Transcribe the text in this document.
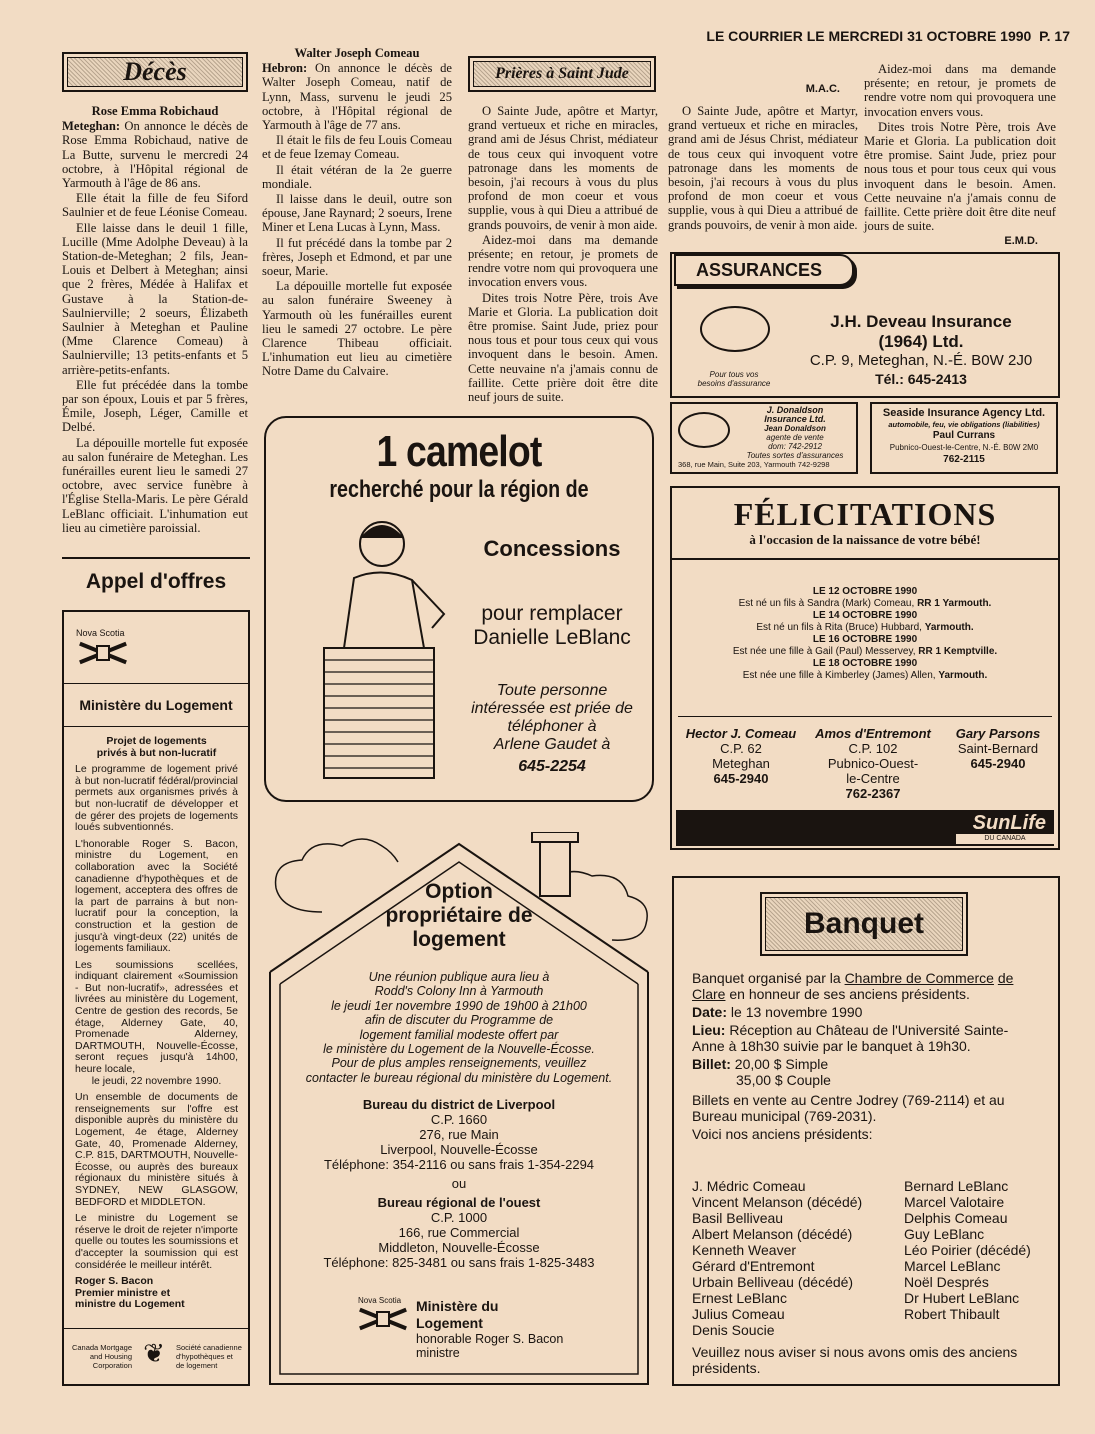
LE COURRIER LE MERCREDI 31 OCTOBRE 1990 P. 17
Décès

Rose Emma Robichaud

Meteghan: On annonce le décès de Rose Emma Robichaud, native de La Butte, survenu le mercredi 24 octobre, à l'Hôpital régional de Yarmouth à l'âge de 86 ans.

Elle était la fille de feu Siford Saulnier et de feue Léonise Comeau.

Elle laisse dans le deuil 1 fille, Lucille (Mme Adolphe Deveau) à la Station-de-Meteghan; 2 fils, Jean-Louis et Delbert à Meteghan; ainsi que 2 frères, Médée à Halifax et Gustave à la Station-de-Saulnierville; 2 soeurs, Élizabeth Saulnier à Meteghan et Pauline (Mme Clarence Comeau) à Saulnierville; 13 petits-enfants et 5 arrière-petits-enfants.

Elle fut précédée dans la tombe par son époux, Louis et par 5 frères, Émile, Joseph, Léger, Camille et Delbé.

La dépouille mortelle fut exposée au salon funéraire de Meteghan. Les funérailles eurent lieu le samedi 27 octobre, avec service funèbre à l'Église Stella-Maris. Le père Gérald LeBlanc officiait. L'inhumation eut lieu au cimetière paroissial.

Walter Joseph Comeau

Hebron: On annonce le décès de Walter Joseph Comeau, natif de Lynn, Mass, survenu le jeudi 25 octobre, à l'Hôpital régional de Yarmouth à l'âge de 77 ans.

Il était le fils de feu Louis Comeau et de feue Izemay Comeau.

Il était vétéran de la 2e guerre mondiale.

Il laisse dans le deuil, outre son épouse, Jane Raynard; 2 soeurs, Irene Miner et Lena Lucas à Lynn, Mass.

Il fut précédé dans la tombe par 2 frères, Joseph et Edmond, et par une soeur, Marie.

La dépouille mortelle fut exposée au salon funéraire Sweeney à Yarmouth où les funérailles eurent lieu le samedi 27 octobre. Le père Clarence Thibeau officiait. L'inhumation eut lieu au cimetière Notre Dame du Calvaire.

Prières à Saint Jude

O Sainte Jude, apôtre et Martyr, grand vertueux et riche en miracles, grand ami de Jésus Christ, médiateur de tous ceux qui invoquent votre patronage dans les moments de besoin, j'ai recours à vous du plus profond de mon coeur et vous supplie, vous à qui Dieu a attribué de grands pouvoirs, de venir à mon aide.

Aidez-moi dans ma demande présente; en retour, je promets de rendre votre nom qui provoquera une invocation envers vous.

Dites trois Notre Père, trois Ave Marie et Gloria. La publication doit être promise. Saint Jude, priez pour nous tous et pour tous ceux qui vous invoquent dans le besoin. Amen. Cette neuvaine n'a j'amais connu de faillite. Cette prière doit être dite neuf jours de suite.

M.A.C.

O Sainte Jude, apôtre et Martyr, grand vertueux et riche en miracles, grand ami de Jésus Christ, médiateur de tous ceux qui invoquent votre patronage dans les moments de besoin, j'ai recours à vous du plus profond de mon coeur et vous supplie, vous à qui Dieu a attribué de grands pouvoirs, de venir à mon aide.

Aidez-moi dans ma demande présente; en retour, je promets de rendre votre nom qui provoquera une invocation envers vous.

Dites trois Notre Père, trois Ave Marie et Gloria. La publication doit être promise. Saint Jude, priez pour nous tous et pour tous ceux qui vous invoquent dans le besoin. Amen. Cette neuvaine n'a j'amais connu de faillite. Cette prière doit être dite neuf jours de suite.

E.M.D.

Appel d'offres
Nova Scotia
Ministère du Logement

Projet de logements privés à but non-lucratif

Le programme de logement privé à but non-lucratif fédéral/provincial permets aux organismes privés à but non-lucratif de développer et de gérer des projets de logements loués subventionnés.

L'honorable Roger S. Bacon, ministre du Logement, en collaboration avec la Société canadienne d'hypothèques et de logement, acceptera des offres de la part de parrains à but non-lucratif pour la conception, la construction et la gestion de jusqu'à vingt-deux (22) unités de logements familiaux.

Les soumissions scellées, indiquant clairement «Soumission - But non-lucratif», adressées et livrées au ministère du Logement, Centre de gestion des records, 5e étage, Alderney Gate, 40, Promenade Alderney, DARTMOUTH, Nouvelle-Écosse, seront reçues jusqu'à 14h00, heure locale,

le jeudi, 22 novembre 1990.

Un ensemble de documents de renseignements sur l'offre est disponible auprès du ministère du Logement, 4e étage, Alderney Gate, 40, Promenade Alderney, C.P. 815, DARTMOUTH, Nouvelle-Écosse, ou auprès des bureaux régionaux du ministère situés à SYDNEY, NEW GLASGOW, BEDFORD et MIDDLETON.

Le ministre du Logement se réserve le droit de rejeter n'importe quelle ou toutes les soumissions et d'accepter la soumission qui est considérée le meilleur intérêt.

Roger S. Bacon

Premier ministre et

ministre du Logement

Canada Mortgage
and Housing
Corporation ❦	Société canadienne
d'hypothèques et
de logement
1 camelot
recherché pour la région de
Concessions
pour remplacer
Danielle LeBlanc
Toute personne
intéressée est priée de
téléphoner à
Arlene Gaudet à
645-2254
Option
propriétaire de
logement
Une réunion publique aura lieu à
Rodd's Colony Inn à Yarmouth
le jeudi 1er novembre 1990 de 19h00 à 21h00
afin de discuter du Programme de
logement familial modeste offert par
le ministère du Logement de la Nouvelle-Écosse.
Pour de plus amples renseignements, veuillez
contacter le bureau régional du ministère du Logement.
Bureau du district de Liverpool
C.P. 1660
276, rue Main
Liverpool, Nouvelle-Écosse
Téléphone: 354-2116 ou sans frais 1-354-2294
ou
Bureau régional de l'ouest
C.P. 1000
166, rue Commercial
Middleton, Nouvelle-Écosse
Téléphone: 825-3481 ou sans frais 1-825-3483
Nova Scotia Ministère du
Logement
honorable Roger S. Bacon
ministre
ASSURANCES
Pour tous vos
besoins d'assurance
J.H. Deveau Insurance
(1964) Ltd.
C.P. 9, Meteghan, N.-É. B0W 2J0
Tél.: 645-2413
J. Donaldson
Insurance Ltd.
Jean Donaldson
agente de vente
dom: 742-2912
Toutes sortes d'assurances
368, rue Main, Suite 203, Yarmouth 742-9298
Seaside Insurance Agency Ltd.
automobile, feu, vie obligations (liabilities)
Paul Currans
Pubnico-Ouest-le-Centre, N.-É. B0W 2M0
762-2115
FÉLICITATIONS
à l'occasion de la naissance de votre bébé!
LE 12 OCTOBRE 1990
Est né un fils à Sandra (Mark) Comeau, RR 1 Yarmouth.
LE 14 OCTOBRE 1990
Est né un fils à Rita (Bruce) Hubbard, Yarmouth.
LE 16 OCTOBRE 1990
Est née une fille à Gail (Paul) Messervey, RR 1 Kemptville.
LE 18 OCTOBRE 1990
Est née une fille à Kimberley (James) Allen, Yarmouth.
Hector J. Comeau
C.P. 62
Meteghan
645-2940
Amos d'Entremont
C.P. 102
Pubnico-Ouest-
le-Centre
762-2367
Gary Parsons
Saint-Bernard
645-2940
SunLife
DU CANADA
Banquet
Banquet organisé par la Chambre de Commerce de Clare en honneur de ses anciens présidents.
Date: le 13 novembre 1990
Lieu: Réception au Château de l'Université Sainte-Anne à 18h30 suivie par le banquet à 19h30.
Billet: 20,00 $ Simple
35,00 $ Couple
Billets en vente au Centre Jodrey (769-2114) et au Bureau municipal (769-2031).
Voici nos anciens présidents:
J. Médric Comeau
Vincent Melanson (décédé)
Basil Belliveau
Albert Melanson (décédé)
Kenneth Weaver
Gérard d'Entremont
Urbain Belliveau (décédé)
Ernest LeBlanc
Julius Comeau
Denis Soucie
Bernard LeBlanc
Marcel Valotaire
Delphis Comeau
Guy LeBlanc
Léo Poirier (décédé)
Marcel LeBlanc
Noël Després
Dr Hubert LeBlanc
Robert Thibault
Veuillez nous aviser si nous avons omis des anciens présidents.
